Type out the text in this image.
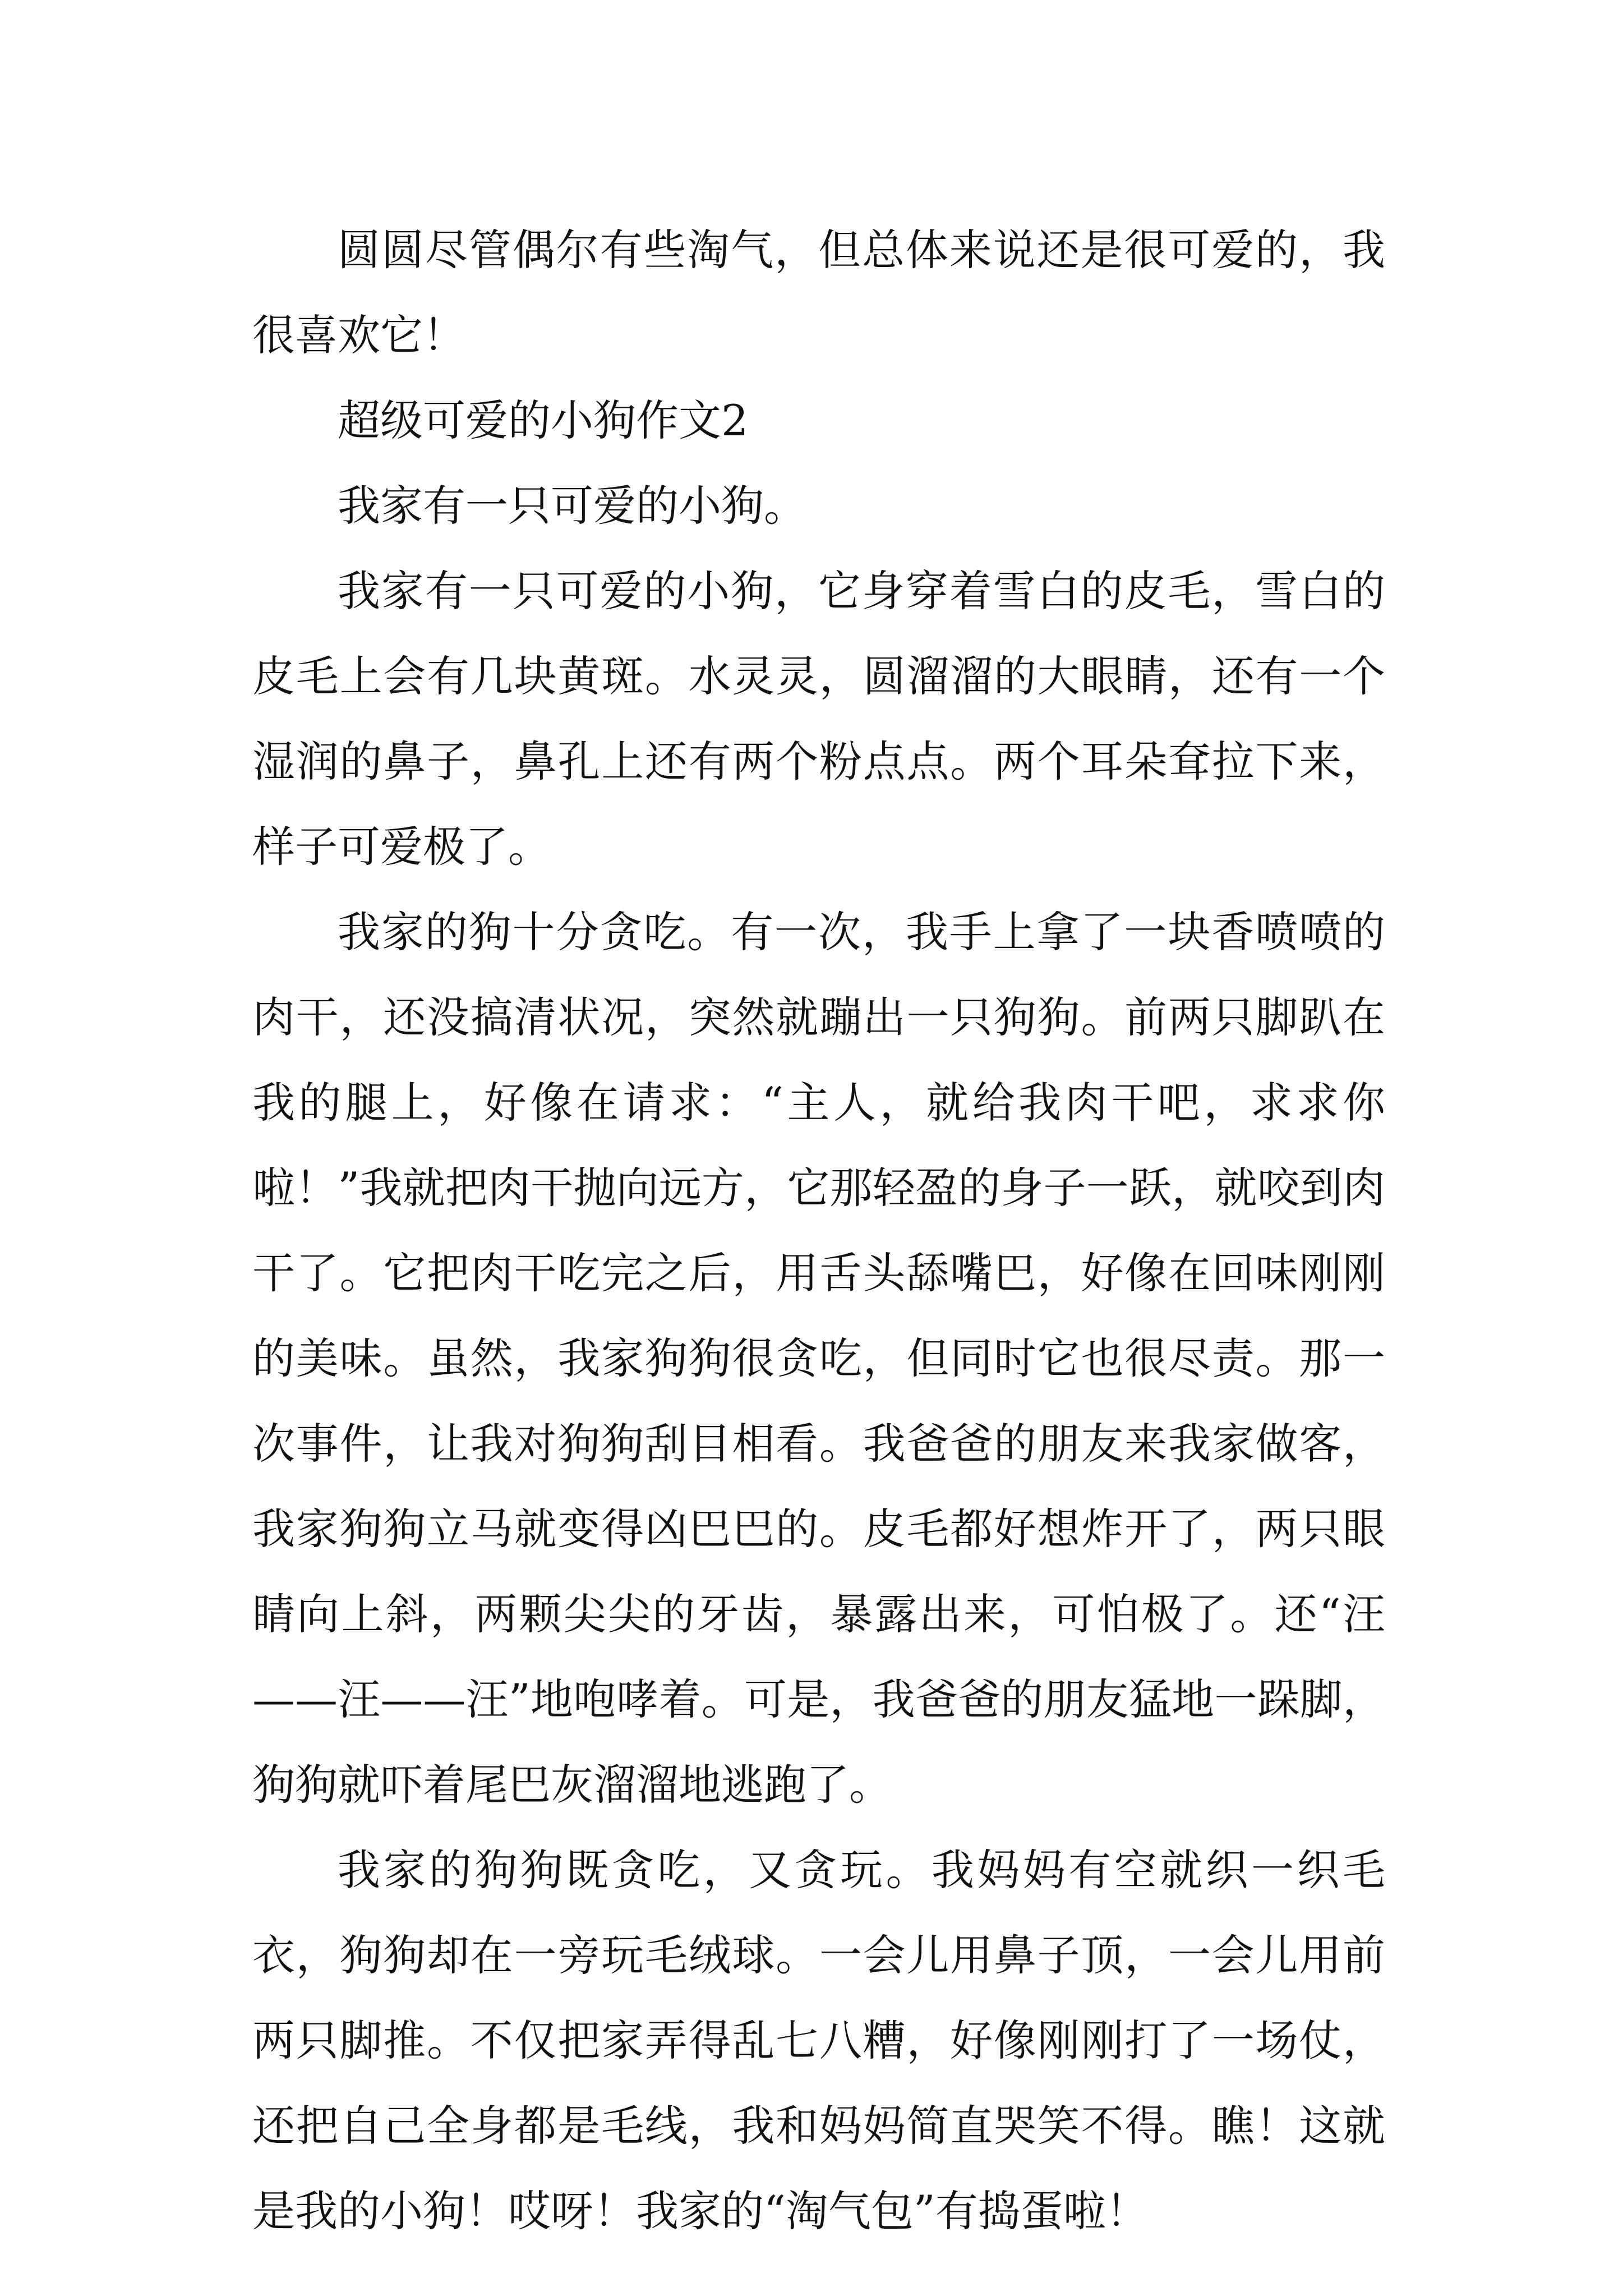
圆圆尽管偶尔有些淘气，但总体来说还是很可爱的，我很喜欢它！

超级可爱的小狗作文2

我家有一只可爱的小狗。

我家有一只可爱的小狗，它身穿着雪白的皮毛，雪白的皮毛上会有几块黄斑。水灵灵，圆溜溜的大眼睛，还有一个湿润的鼻子，鼻孔上还有两个粉点点。两个耳朵耷拉下来，样子可爱极了。

我家的狗十分贪吃。有一次，我手上拿了一块香喷喷的肉干，还没搞清状况，突然就蹦出一只狗狗。前两只脚趴在我的腿上，好像在请求：“主人，就给我肉干吧，求求你啦！”我就把肉干抛向远方，它那轻盈的身子一跃，就咬到肉干了。它把肉干吃完之后，用舌头舔嘴巴，好像在回味刚刚的美味。虽然，我家狗狗很贪吃，但同时它也很尽责。那一次事件，让我对狗狗刮目相看。我爸爸的朋友来我家做客，我家狗狗立马就变得凶巴巴的。皮毛都好想炸开了，两只眼睛向上斜，两颗尖尖的牙齿，暴露出来，可怕极了。还“汪——汪——汪”地咆哮着。可是，我爸爸的朋友猛地一跺脚，狗狗就吓着尾巴灰溜溜地逃跑了。

我家的狗狗既贪吃，又贪玩。我妈妈有空就织一织毛衣，狗狗却在一旁玩毛绒球。一会儿用鼻子顶，一会儿用前两只脚推。不仅把家弄得乱七八糟，好像刚刚打了一场仗，还把自己全身都是毛线，我和妈妈简直哭笑不得。瞧！这就是我的小狗！哎呀！我家的“淘气包”有捣蛋啦！
